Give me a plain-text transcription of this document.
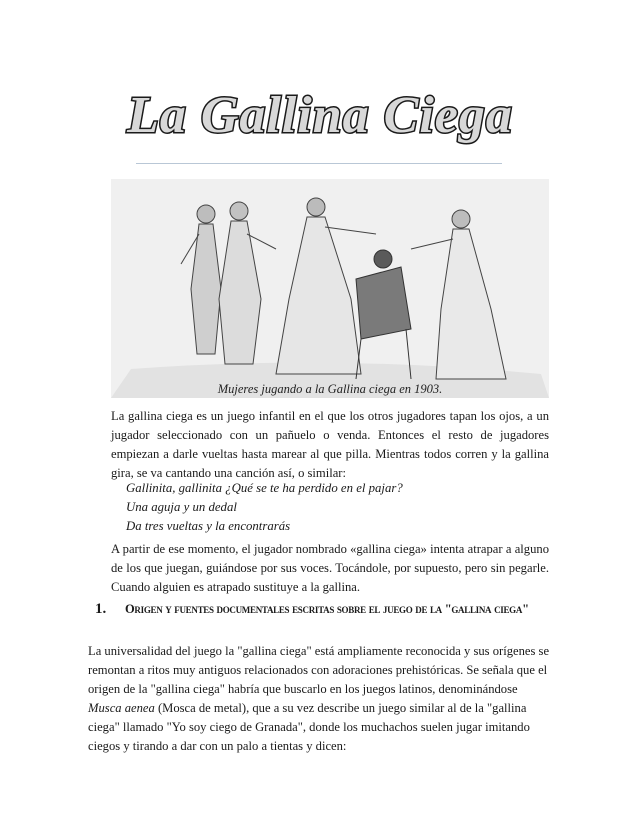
La Gallina Ciega
Mujeres jugando a la Gallina ciega en 1903.
La gallina ciega es un juego infantil en el que los otros jugadores tapan los ojos, a un jugador seleccionado con un pañuelo o venda. Entonces el resto de jugadores empiezan a darle vueltas hasta marear al que pilla. Mientras todos corren y la gallina gira, se va cantando una canción así, o similar:
Gallinita, gallinita ¿Qué se te ha perdido en el pajar?
Una aguja y un dedal
Da tres vueltas y la encontrarás
A partir de ese momento, el jugador nombrado «gallina ciega» intenta atrapar a alguno de los que juegan, guiándose por sus voces. Tocándole, por supuesto, pero sin pegarle. Cuando alguien es atrapado sustituye a la gallina.
1. Origen y fuentes documentales escritas sobre el juego de la "gallina ciega"
La universalidad del juego la "gallina ciega" está ampliamente reconocida y sus orígenes se remontan a ritos muy antiguos relacionados con adoraciones prehistóricas. Se señala que el origen de la "gallina ciega" habría que buscarlo en los juegos latinos, denominándose Musca aenea (Mosca de metal), que a su vez describe un juego similar al de la "gallina ciega" llamado "Yo soy ciego de Granada", donde los muchachos suelen jugar imitando ciegos y tirando a dar con un palo a tientas y dicen:
